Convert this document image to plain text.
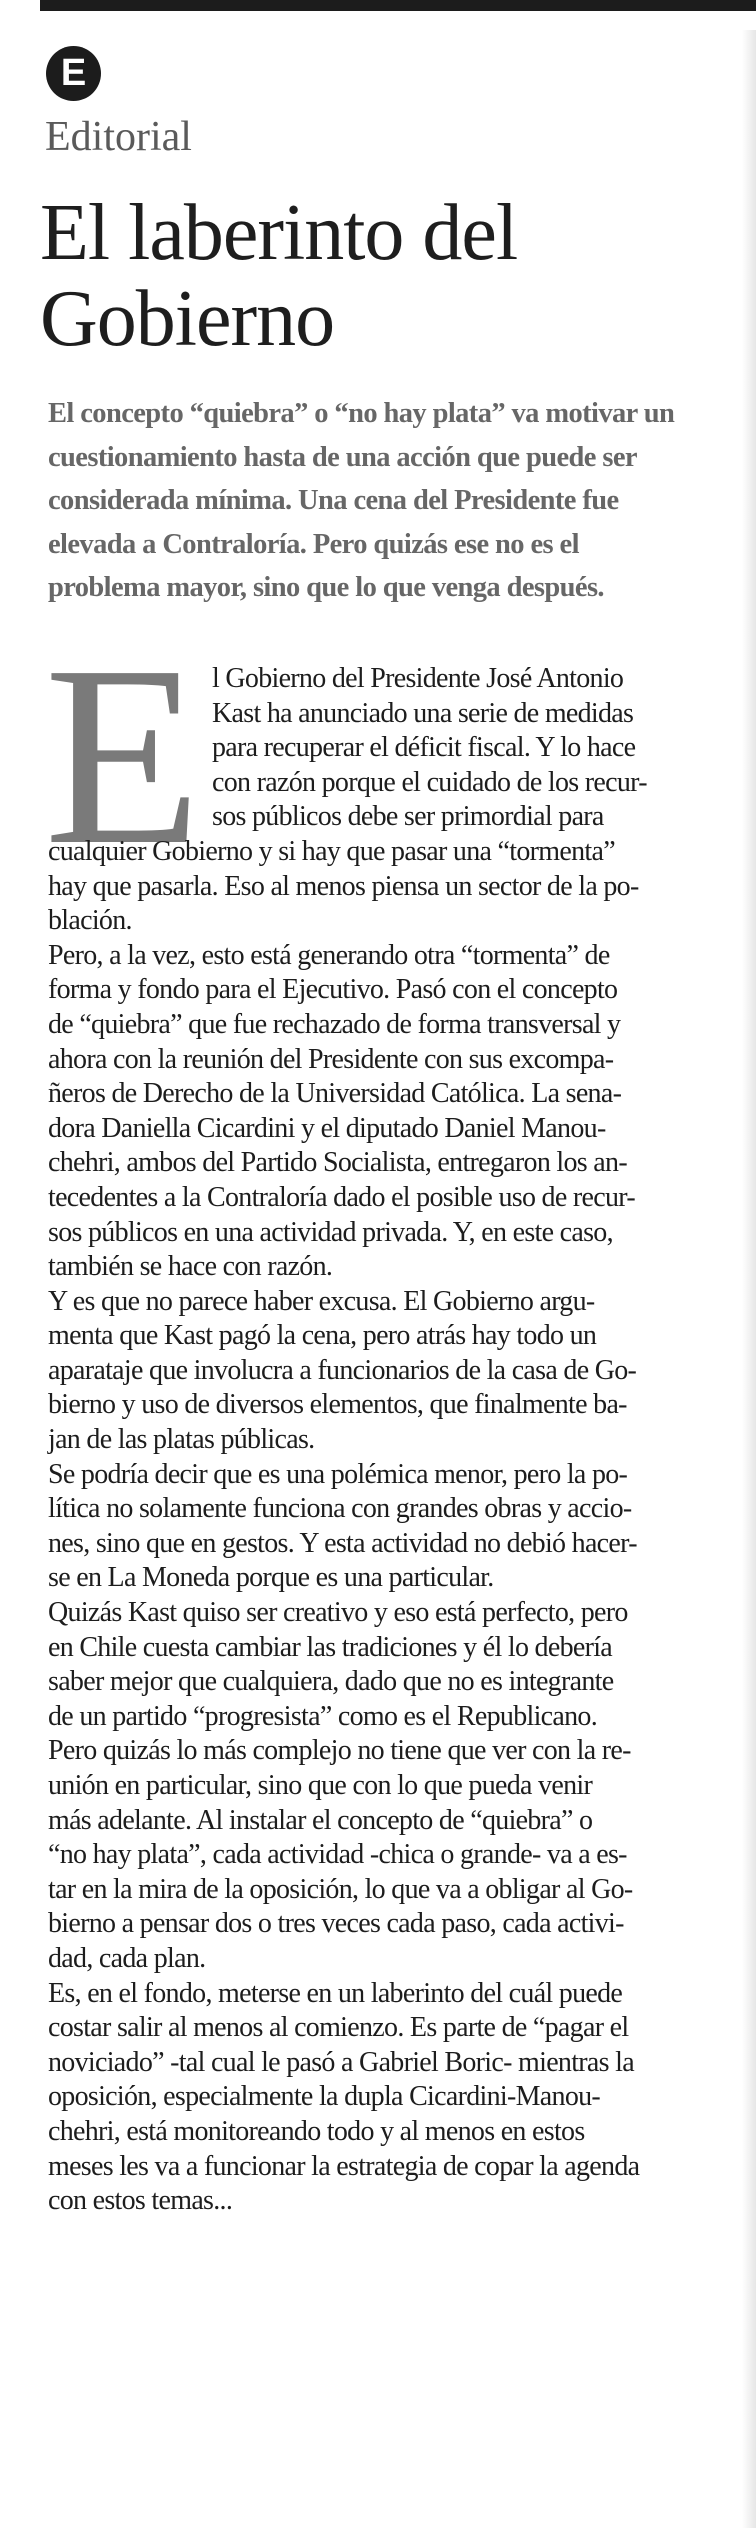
E
Editorial
El laberinto del
Gobierno
El concepto “quiebra” o “no hay plata” va motivar un
cuestionamiento hasta de una acción que puede ser
considerada mínima. Una cena del Presidente fue
elevada a Contraloría. Pero quizás ese no es el
problema mayor, sino que lo que venga después.
E l Gobierno del Presidente José Antonio
Kast ha anunciado una serie de medidas
para recuperar el déficit fiscal. Y lo hace
con razón porque el cuidado de los recur-
sos públicos debe ser primordial para
cualquier Gobierno y si hay que pasar una “tormenta”
hay que pasarla. Eso al menos piensa un sector de la po-
blación.
Pero, a la vez, esto está generando otra “tormenta” de
forma y fondo para el Ejecutivo. Pasó con el concepto
de “quiebra” que fue rechazado de forma transversal y
ahora con la reunión del Presidente con sus excompa-
ñeros de Derecho de la Universidad Católica. La sena-
dora Daniella Cicardini y el diputado Daniel Manou-
chehri, ambos del Partido Socialista, entregaron los an-
tecedentes a la Contraloría dado el posible uso de recur-
sos públicos en una actividad privada. Y, en este caso,
también se hace con razón.
Y es que no parece haber excusa. El Gobierno argu-
menta que Kast pagó la cena, pero atrás hay todo un
aparataje que involucra a funcionarios de la casa de Go-
bierno y uso de diversos elementos, que finalmente ba-
jan de las platas públicas.
Se podría decir que es una polémica menor, pero la po-
lítica no solamente funciona con grandes obras y accio-
nes, sino que en gestos. Y esta actividad no debió hacer-
se en La Moneda porque es una particular.
Quizás Kast quiso ser creativo y eso está perfecto, pero
en Chile cuesta cambiar las tradiciones y él lo debería
saber mejor que cualquiera, dado que no es integrante
de un partido “progresista” como es el Republicano.
Pero quizás lo más complejo no tiene que ver con la re-
unión en particular, sino que con lo que pueda venir
más adelante. Al instalar el concepto de “quiebra” o
“no hay plata”, cada actividad -chica o grande- va a es-
tar en la mira de la oposición, lo que va a obligar al Go-
bierno a pensar dos o tres veces cada paso, cada activi-
dad, cada plan.
Es, en el fondo, meterse en un laberinto del cuál puede
costar salir al menos al comienzo. Es parte de “pagar el
noviciado” -tal cual le pasó a Gabriel Boric- mientras la
oposición, especialmente la dupla Cicardini-Manou-
chehri, está monitoreando todo y al menos en estos
meses les va a funcionar la estrategia de copar la agenda
con estos temas...
